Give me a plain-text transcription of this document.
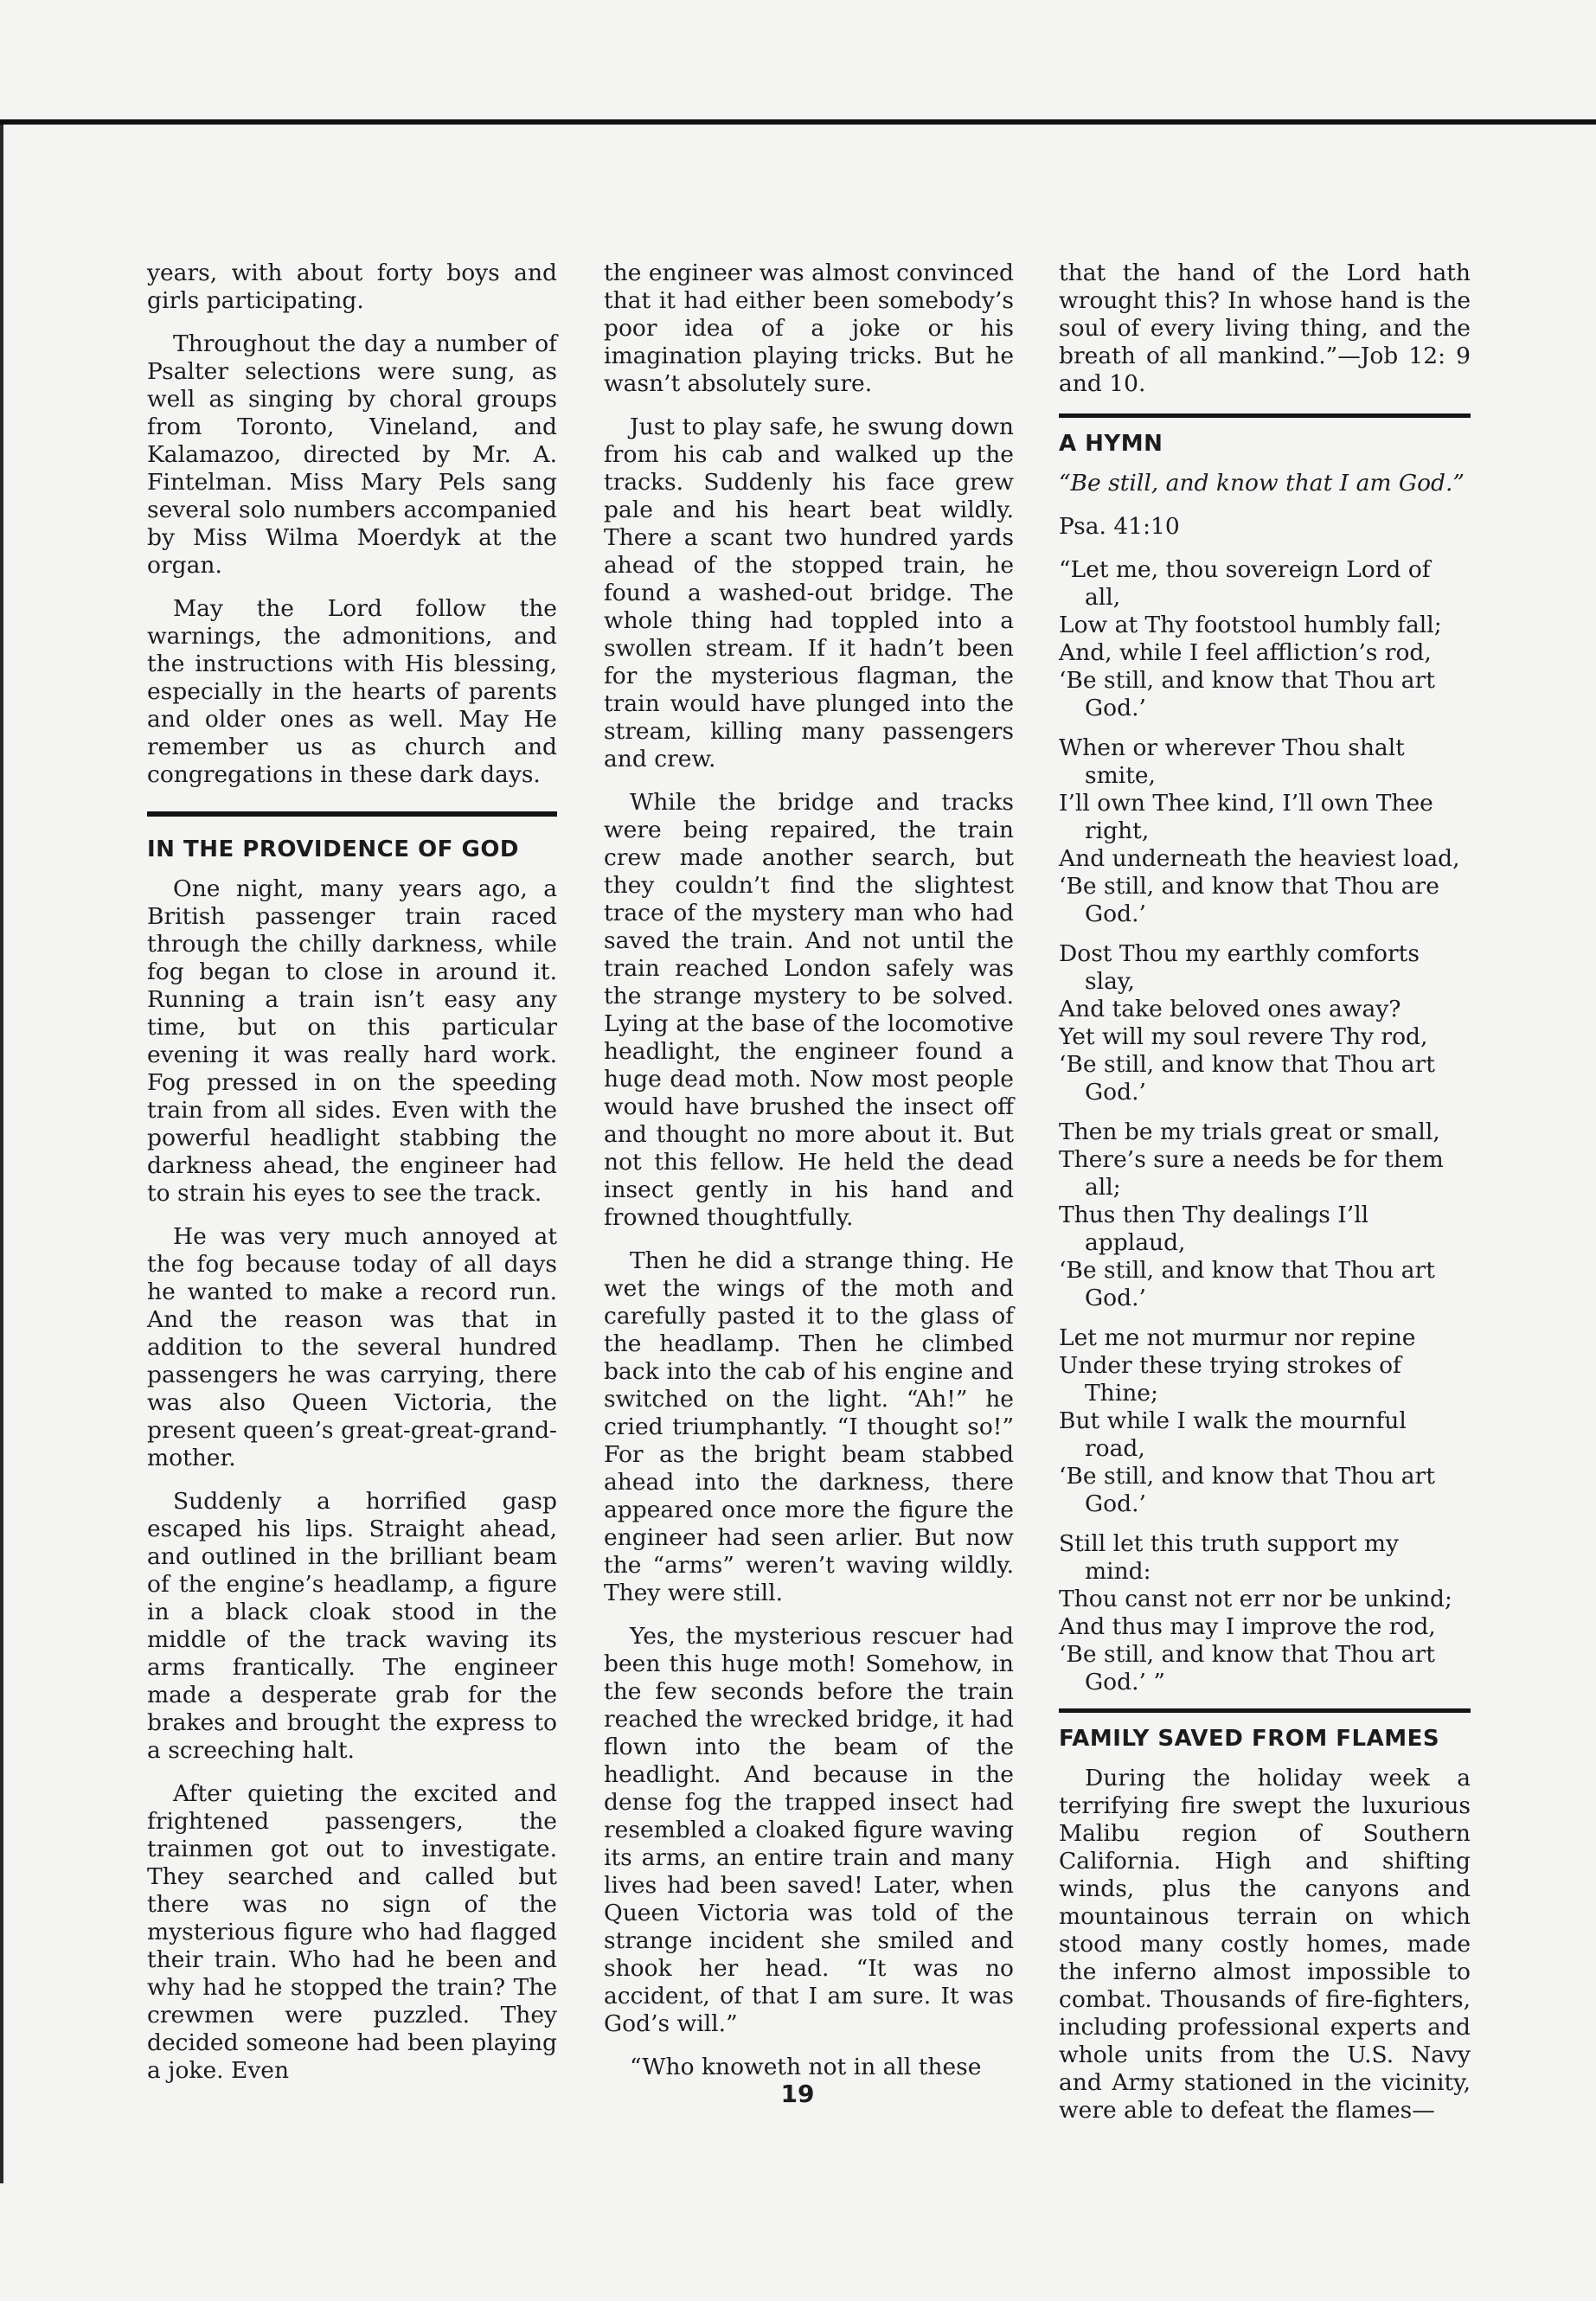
years, with about forty boys and girls participating.

Throughout the day a number of Psalter selections were sung, as well as singing by choral groups from Toronto, Vineland, and Kalamazoo, directed by Mr. A. Fintelman. Miss Mary Pels sang several solo numbers accompanied by Miss Wilma Moerdyk at the organ.

May the Lord follow the warnings, the admonitions, and the instructions with His blessing, especially in the hearts of parents and older ones as well. May He remember us as church and congregations in these dark days.

IN THE PROVIDENCE OF GOD

One night, many years ago, a British passenger train raced through the chilly darkness, while fog began to close in around it. Running a train isn’t easy any time, but on this particular evening it was really hard work. Fog pressed in on the speeding train from all sides. Even with the powerful headlight stabbing the darkness ahead, the engineer had to strain his eyes to see the track.

He was very much annoyed at the fog because today of all days he wanted to make a record run. And the reason was that in addition to the several hundred passengers he was carrying, there was also Queen Victoria, the present queen’s great-great-grand-mother.

Suddenly a horrified gasp escaped his lips. Straight ahead, and outlined in the brilliant beam of the engine’s headlamp, a figure in a black cloak stood in the middle of the track waving its arms frantically. The engineer made a desperate grab for the brakes and brought the express to a screeching halt.

After quieting the excited and frightened passengers, the trainmen got out to investigate. They searched and called but there was no sign of the mysterious figure who had flagged their train. Who had he been and why had he stopped the train? The crewmen were puzzled. They decided someone had been playing a joke. Even

the engineer was almost convinced that it had either been somebody’s poor idea of a joke or his imagination playing tricks. But he wasn’t absolutely sure.

Just to play safe, he swung down from his cab and walked up the tracks. Suddenly his face grew pale and his heart beat wildly. There a scant two hundred yards ahead of the stopped train, he found a washed-out bridge. The whole thing had toppled into a swollen stream. If it hadn’t been for the mysterious flagman, the train would have plunged into the stream, killing many passengers and crew.

While the bridge and tracks were being repaired, the train crew made another search, but they couldn’t find the slightest trace of the mystery man who had saved the train. And not until the train reached London safely was the strange mystery to be solved. Lying at the base of the locomotive headlight, the engineer found a huge dead moth. Now most people would have brushed the insect off and thought no more about it. But not this fellow. He held the dead insect gently in his hand and frowned thoughtfully.

Then he did a strange thing. He wet the wings of the moth and carefully pasted it to the glass of the headlamp. Then he climbed back into the cab of his engine and switched on the light. “Ah!” he cried triumphantly. “I thought so!” For as the bright beam stabbed ahead into the darkness, there appeared once more the figure the engineer had seen arlier. But now the “arms” weren’t waving wildly. They were still.

Yes, the mysterious rescuer had been this huge moth! Somehow, in the few seconds before the train reached the wrecked bridge, it had flown into the beam of the headlight. And because in the dense fog the trapped insect had resembled a cloaked figure waving its arms, an entire train and many lives had been saved! Later, when Queen Victoria was told of the strange incident she smiled and shook her head. “It was no accident, of that I am sure. It was God’s will.”

“Who knoweth not in all these

that the hand of the Lord hath wrought this? In whose hand is the soul of every living thing, and the breath of all mankind.”—Job 12: 9 and 10.

A HYMN

“Be still, and know that I am God.”

Psa. 41:10

“Let me, thou sovereign Lord of
all,
Low at Thy footstool humbly fall;
And, while I feel affliction’s rod,
‘Be still, and know that Thou art
God.’
When or wherever Thou shalt
smite,
I’ll own Thee kind, I’ll own Thee
right,
And underneath the heaviest load,
‘Be still, and know that Thou are
God.’
Dost Thou my earthly comforts
slay,
And take beloved ones away?
Yet will my soul revere Thy rod,
‘Be still, and know that Thou art
God.’
Then be my trials great or small,
There’s sure a needs be for them
all;
Thus then Thy dealings I’ll
applaud,
‘Be still, and know that Thou art
God.’
Let me not murmur nor repine
Under these trying strokes of
Thine;
But while I walk the mournful
road,
‘Be still, and know that Thou art
God.’
Still let this truth support my
mind:
Thou canst not err nor be unkind;
And thus may I improve the rod,
‘Be still, and know that Thou art
God.’ ”
FAMILY SAVED FROM FLAMES

During the holiday week a terrifying fire swept the luxurious Malibu region of Southern California. High and shifting winds, plus the canyons and mountainous terrain on which stood many costly homes, made the inferno almost impossible to combat. Thousands of fire-fighters, including professional experts and whole units from the U.S. Navy and Army stationed in the vicinity, were able to defeat the flames—

19
